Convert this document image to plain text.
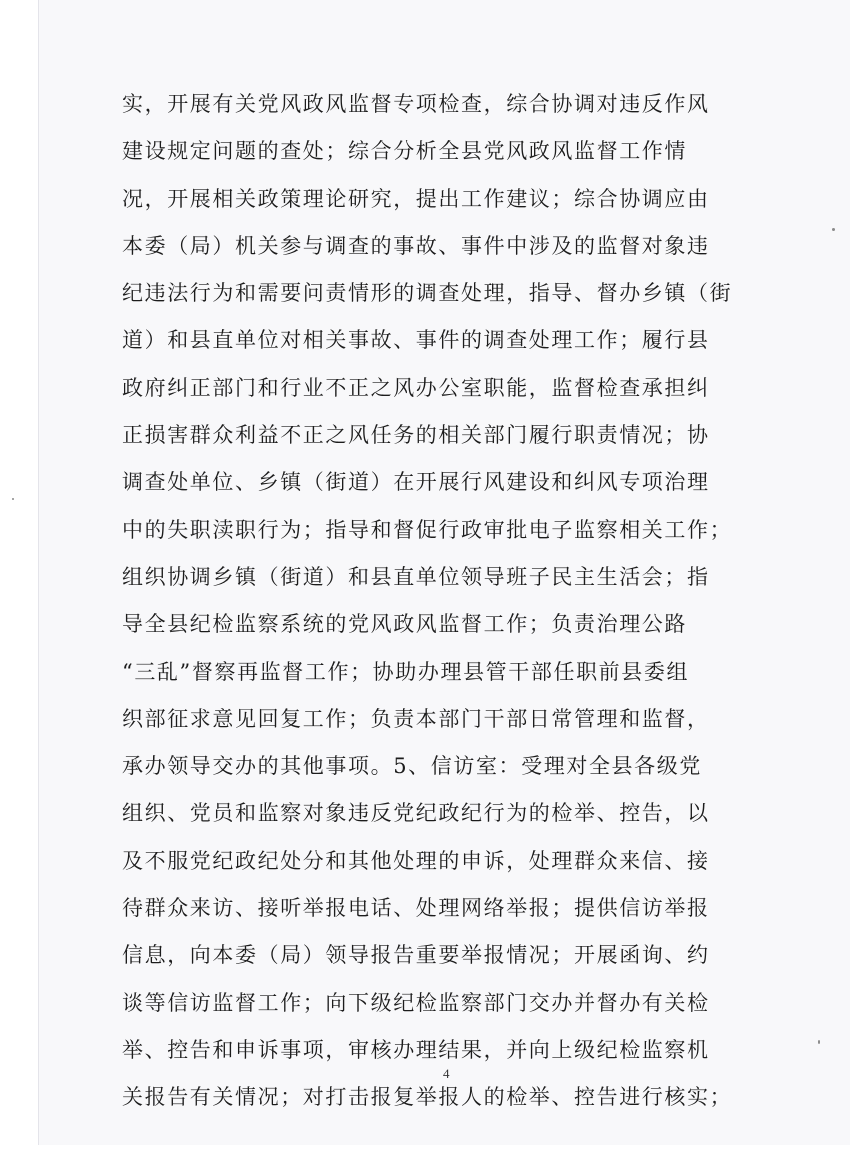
实，开展有关党风政风监督专项检查，综合协调对违反作风
建设规定问题的查处；综合分析全县党风政风监督工作情
况，开展相关政策理论研究，提出工作建议；综合协调应由
本委（局）机关参与调查的事故、事件中涉及的监督对象违
纪违法行为和需要问责情形的调查处理，指导、督办乡镇（街
道）和县直单位对相关事故、事件的调查处理工作；履行县
政府纠正部门和行业不正之风办公室职能，监督检查承担纠
正损害群众利益不正之风任务的相关部门履行职责情况；协
调查处单位、乡镇（街道）在开展行风建设和纠风专项治理
中的失职渎职行为；指导和督促行政审批电子监察相关工作；
组织协调乡镇（街道）和县直单位领导班子民主生活会；指
导全县纪检监察系统的党风政风监督工作；负责治理公路
“三乱”督察再监督工作；协助办理县管干部任职前县委组
织部征求意见回复工作；负责本部门干部日常管理和监督，
承办领导交办的其他事项。5、信访室：受理对全县各级党
组织、党员和监察对象违反党纪政纪行为的检举、控告，以
及不服党纪政纪处分和其他处理的申诉，处理群众来信、接
待群众来访、接听举报电话、处理网络举报；提供信访举报
信息，向本委（局）领导报告重要举报情况；开展函询、约
谈等信访监督工作；向下级纪检监察部门交办并督办有关检
举、控告和申诉事项，审核办理结果，并向上级纪检监察机
关报告有关情况；对打击报复举报人的检举、控告进行核实；
4
